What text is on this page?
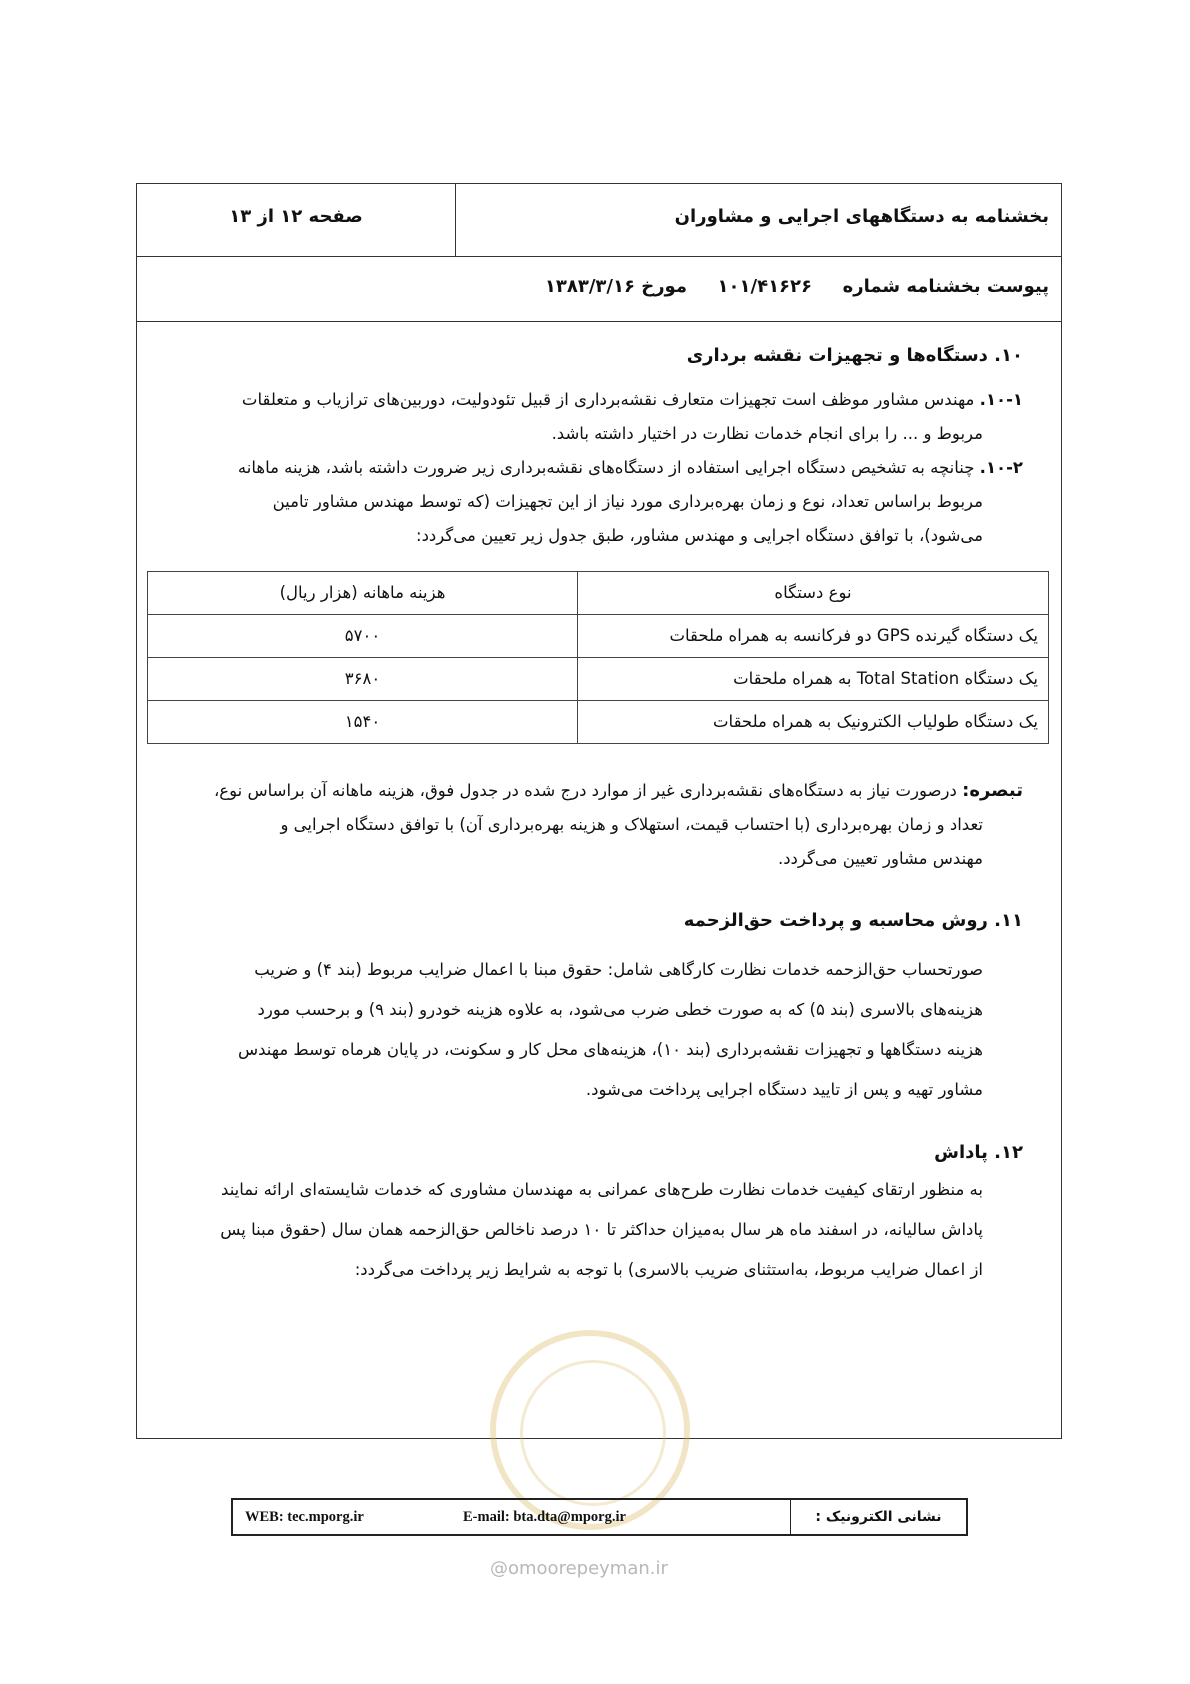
بخشنامه به دستگاههای اجرایی و مشاوران
صفحه ۱۲ از ۱۳
پیوست بخشنامه شماره  ۱۰۱/۴۱۶۲۶  مورخ ۱۳۸۳/۳/۱۶

۱۰. دستگاه‌ها و تجهیزات نقشه برداری

۱۰-۱. مهندس مشاور موظف است تجهیزات متعارف نقشه‌برداری از قبیل تئودولیت، دوربین‌های ترازیاب و متعلقات

مربوط و ... را برای انجام خدمات نظارت در اختیار داشته باشد.

۱۰-۲. چنانچه به تشخیص دستگاه اجرایی استفاده از دستگاه‌های نقشه‌برداری زیر ضرورت داشته باشد، هزینه ماهانه

مربوط براساس تعداد، نوع و زمان بهره‌برداری مورد نیاز از این تجهیزات (که توسط مهندس مشاور تامین

می‌شود)، با توافق دستگاه اجرایی و مهندس مشاور، طبق جدول زیر تعیین می‌گردد:

نوع دستگاه	هزینه ماهانه (هزار ریال)
یک دستگاه گیرنده GPS دو فرکانسه به همراه ملحقات	۵۷۰۰
یک دستگاه Total Station به همراه ملحقات	۳۶۸۰
یک دستگاه طولیاب الکترونیک به همراه ملحقات	۱۵۴۰

تبصره: درصورت نیاز به دستگاه‌های نقشه‌برداری غیر از موارد درج شده در جدول فوق، هزینه ماهانه آن براساس نوع،

تعداد و زمان بهره‌برداری (با احتساب قیمت، استهلاک و هزینه بهره‌برداری آن) با توافق دستگاه اجرایی و

مهندس مشاور تعیین می‌گردد.

۱۱. روش محاسبه و پرداخت حق‌الزحمه

صورتحساب حق‌الزحمه خدمات نظارت کارگاهی شامل: حقوق مبنا با اعمال ضرایب مربوط (بند ۴) و ضریب
هزینه‌های بالاسری (بند ۵) که به صورت خطی ضرب می‌شود، به علاوه هزینه خودرو (بند ۹) و برحسب مورد
هزینه دستگاهها و تجهیزات نقشه‌برداری (بند ۱۰)، هزینه‌های محل کار و سکونت، در پایان هرماه توسط مهندس
مشاور تهیه و پس از تایید دستگاه اجرایی پرداخت می‌شود.

۱۲. پاداش

به منظور ارتقای کیفیت خدمات نظارت طرح‌های عمرانی به مهندسان مشاوری که خدمات شایسته‌ای ارائه نمایند
پاداش سالیانه، در اسفند ماه هر سال به‌میزان حداکثر تا ۱۰ درصد ناخالص حق‌الزحمه همان سال (حقوق مبنا پس
از اعمال ضرایب مربوط، به‌استثنای ضریب بالاسری) با توجه به شرایط زیر پرداخت می‌گردد:
نشانی الکترونیک :
E-mail: bta.dta@mporg.ir
WEB: tec.mporg.ir
@omoorepeyman.ir
